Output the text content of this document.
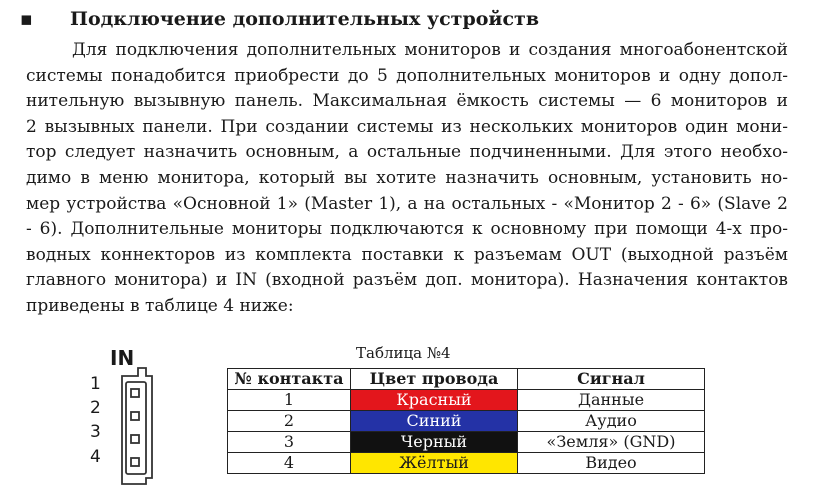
▪ Подключение дополнительных устройств

Для подключения дополнительных мониторов и создания многоабонентской
системы понадобится приобрести до 5 дополнительных мониторов и одну допол-
нительную вызывную панель. Максимальная ёмкость системы — 6 мониторов и
2 вызывных панели. При создании системы из нескольких мониторов один мони-
тор следует назначить основным, а остальные подчиненными. Для этого необхо-
димо в меню монитора, который вы хотите назначить основным, установить но-
мер устройства «Основной 1» (Master 1), а на остальных - «Монитор 2 - 6» (Slave 2
- 6). Дополнительные мониторы подключаются к основному при помощи 4-х про-
водных коннекторов из комплекта поставки к разъемам OUT (выходной разъём
главного монитора) и IN (входной разъём доп. монитора). Назначения контактов
приведены в таблице 4 ниже:

IN
1
2
3
4
Таблица №4
№ контакта	Цвет провода	Сигнал
1	Красный	Данные
2	Синий	Аудио
3	Черный	«Земля» (GND)
4	Жёлтый	Видео
